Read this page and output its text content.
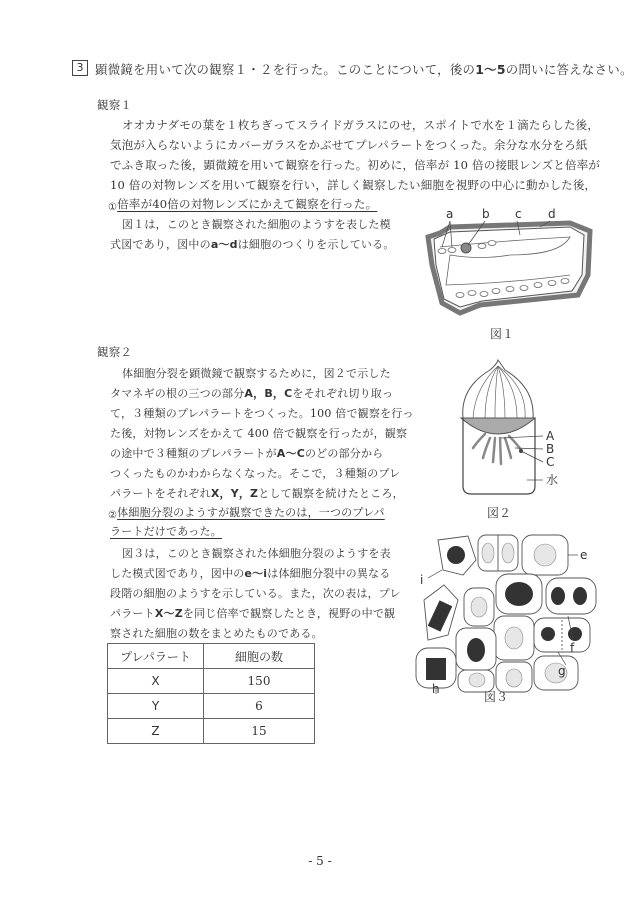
3 顕微鏡を用いて次の観察１・２を行った。このことについて，後の1～5の問いに答えなさい。
観察１
オオカナダモの葉を１枚ちぎってスライドガラスにのせ，スポイトで水を１滴たらした後，
気泡が入らないようにカバーガラスをかぶせてプレパラートをつくった。余分な水分をろ紙
でふき取った後，顕微鏡を用いて観察を行った。初めに，倍率が 10 倍の接眼レンズと倍率が
10 倍の対物レンズを用いて観察を行い，詳しく観察したい細胞を視野の中心に動かした後，
①倍率が40倍の対物レンズにかえて観察を行った。
図１は，このとき観察された細胞のようすを表した模
式図であり，図中のa～dは細胞のつくりを示している。
a b c d
図１
観察２
体細胞分裂を顕微鏡で観察するために，図２で示した
タマネギの根の三つの部分A，B，Cをそれぞれ切り取っ
て，３種類のプレパラートをつくった。100 倍で観察を行っ
た後，対物レンズをかえて 400 倍で観察を行ったが，観察
の途中で３種類のプレパラートがA～Cのどの部分から
つくったものかわからなくなった。そこで，３種類のプレ
パラートをそれぞれX，Y，Zとして観察を続けたところ，
②体細胞分裂のようすが観察できたのは，一つのプレパ
ラートだけであった。
図３は，このとき観察された体細胞分裂のようすを表
した模式図であり，図中のe～iは体細胞分裂中の異なる
段階の細胞のようすを示している。また，次の表は，プレ
パラートX～Zを同じ倍率で観察したとき，視野の中で観
察された細胞の数をまとめたものである。
A
B
C
水
図２
e
f
g
h
i
図３
プレパラート	細胞の数
X	150
Y	6
Z	15
- 5 -
